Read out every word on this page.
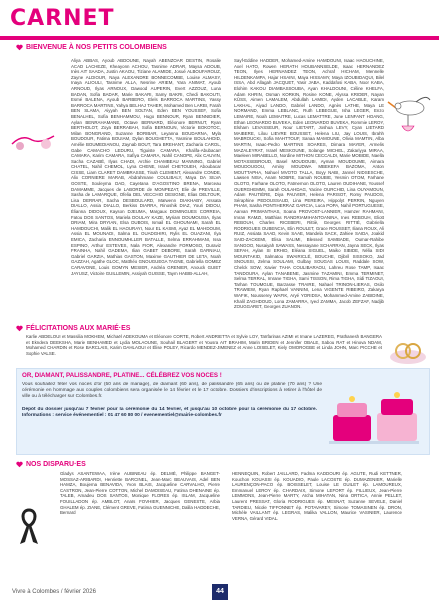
CARNET
BIENVENUE À NOS PETITS COLOMBIENS
Aliya ABBAS, Ayoub ABDOUNE, Nayah ABENZOAR DESTIN, Rosalie ACAD LACHEZE, Kheayonn ACHOU, Tasnime ADRAR, Maysa ADOUB, Inès AIT SAADA, Justin AKAOU, Tiziane ALAMIDE, Josué ALBOUFAROUZ, Zayne ALDIOUR, Naya ALEXANDRE BONNECOMBE, Louise ALMASY, Inaya ALIOULI, Tasnime ALLA, Nesrine ARIEM, Yara ANIMAT, Ayoub ARNOUD, Ilyas ARNOUX, Dawood AUPERIN, Evert AZZOUZ, Luna BADAN, Sofia BADAR, Marie BAKARI, Samy BAKRI, Chedi BAKOUTI, Esmé BALENA, Ayoub BARBERO, Elels BARROCA MARTINS, Yassy BARROCA MARTINS, Yahya BELHAJ TAHER, Mohamed Ben LARBI, Farah BEN SLAMA, Aiyyah BEN SOLTAN, Eden BEN YOUSSEF, Sofia BENALHEL, Sofia BENHAMMOU, Hugo BENNOUR, Ryan BENNIDIER, Aylan BENRAHAMANE, Octave BERNARD, Eléonore BERNUT, Ryan BERTHOLOT, Zoya BERRABAH, Sofia BERNOUN, Victorie BOKOTOC, Milan BONGRAND, Suzanne BORIBAR, Leyanna BOUDARNA, Myla BOUDOUR, Fatima BOUIAM, Dylan BOUGHETTA, Yasmine BOULAHDID, Amélie BOUMEDIANOU, Zaynab BOUT, Tara BREHANT, Zacharia CAROL, Gabe CAMACHO LEDURU, Tiguiste CAMARA, Khalifa-Abubacarr CAMARA, Karim CAMARA, Safiya CAMARA, Nahil CANOPE, Alix CAUVIN, Sacha CAZABÉ, Ilyas CHADI, Archie CHAMBEAU MANNING, Gabriel CHATEL, Nahil CHEMOL, Lyna CHENE, Israël CHETOUEH, Aboubacar CISSE, Liam CLARET DAMBRASSE, Tinah CLEMENT, Alexandre CONDE, Alix CORNIERE MARAB, Abdrahmane COULIBALY, Maya DA SILVA GOSTE, Souleyma DAD, Cayetana D'AGOSTINO BRENA, Marceau DAMAMME, Jacques de LABORDE de MONPEZAT, Elie de PREVILLE, Sasha de LAMARQUE, Ofelia DEL VECCHIO DESIGNE, Elias DELTOUR, Lisa DERRAR, Sacha DESBOULARD, Maïwenn DIAKHABY, Aïssata DIALLO, Assia DIALLO, Berkiss DIARRA, Rinoshik DIAZ, Youri DIDOU, Élianna DIDOUX, Kayson DJEUMA, Margaux DOMINGUES CORREIA, Fatou DOS SANTOS, Mariela DOULAY KAZE, Myriam DOUMOUSIA, Ilyas DRIAM, Mira DRYIAN, Elsa DUBOIS, Ismail EL GHOUNAMI, Sarah EL HAMDOUCHI, Malik EL HAOURAYI, Nour EL KASMI, Ayaz EL MAHDOUM, Assia EL MOUNADI, Salma EL OUADGHIRI, Rylis EL OUAZANI, Ilya EMICA, Zacharia ENNOUMHLLER BATALLE, Selma ERRAHMANI, Issa ESPINO, Arthur ESTEVES, Nala FIOR, Alexandre FORMOSO, Duraviz FRAINHA, Nahil GADEMA, Ilian GABET DEBORE, Sarah GARNIAU, Gabriel GARZIA, Mathias GASTON, Maxime GAUTHIER DE LETA, Noah GAZZAH, Agathe GLOC, Matthéo GNOUGUEGA TAGNE, Gabriella GOMEZ CARAVONE, Louis GOMYN MESIER, Andréa GRENIER, Anouck GUIET JAYUSZ, Victoire GUILLEMIN, Assiyah GUISSE, Taym HABIB-ALLAH,
Sayf-Eddine HADDER, Mohamed-Amine HAMDOUNI, Isaac HAOUCHINE, Axel HATO, Rowen HERATH HOUBANNSELDE, Isaac HERNANDEZ TEON, Ilyes HERNANDEZ TEON, Achraf HICHAM, Mennelle HILDENKAMPA, Hajar HSAINI, Maya HISSAMY, Maya IZOUBIDAQUI, Bilel ISSA, Abd Allagah JACQUET, Yasir JABA, Kaddafosi KABA, Noor KABA, Elohim KAKOU DIAMBASSOUBA, Ayan KHALDOUNI, Céline KHELFA, Adam KHRIN, Osman KORKIN, Rosine KONE, Alyssa KRIDER, Nayan KÜSS, Aimen LAMALEM, Abdullah LAMIDI, Ayden LACABLE, Karam LAKHAL, Aiyad LANDO, Gabriel LANDO, Agnès LATHE, Maya LE NORMAND, Emma LEBLANC, Ruth LEBEGUE, Isha LEGER, Enzo LEMAIRE, Noah LEMAITRE, Lucas LEMATTRE, June LENFANT HOANG, Ethan LEONARDO BUVEKA, Eden LEONARDO BUVEKA, Rommie LEROY, Elsham LEVASSEUR, Nour LIETART, Joshua LEVY, Cyan LIETARD MAIBERE, Lilou LIEVRE BOUSSET, Helena LIU, Jay LOUIS, Ibrahh MABROUCKI, Sofia MAHTTOUF, Sanaa MAMOUNE, Olivia MAMTIN, Alba MARTIN, Isaac-Pedro MARTINS SOARES, Dimara MAYER, Armelis MAZALEYRAT, Israël MESKOUNE, Solange MICHEL, Zakariyya MIRAA, Maeleen MIRABELLO, Nordine MITHON CECCALDI, Marie MOBIDE, Naella MOTASSEBROUD, Basel MOUDOUBI, Ayman MOUDOUME, Aimara MOUDOUGOU, Aminy MOUDWA MBEKEFA BAZOMA, Anton MOUTTAPHA, Nahuel MVOTO TALLA, Boyy NABI, Jannel NIDSESCHE, Lawsen NISA, Anam NOBRE, Samah NOUBIE, Yesmin OTOM, Farhane OLOTO, Farhane OLOTO, Fatmemon OLOTO, Lauren OUDIHANE, Youssef OUERGHEMMI, Sarah OULAHDAG, Yacine OURCHID, Lina OUYAMOUN, Adam PAUTIÈRE, Diya PAUVIER, Helena PARISOT, Romy PAUDOS, Séraphine PEDOUSSAUD, Lina PEREIRA, Hippolyt PERRIN, Nguyen PHAM, Sasha PONTIHERRAZ GARCIA, Luca POPA, Nahil PORTUGUESE, Aarvan PRIMANTHAS, Soana PROVOST-LANNIER, Hamzer RAHMANI, Imran RAMZI, Matthias RANDRIAMIHANTOANINA, Ines REBOUH, Eliott REBOUH, Charles RICEBERI, Rittiè, Georges RITTIÉ, Gabriella RODRIGUES OUBENCIA, Elin ROULET, Grace ROUSSET, Iliana ROUX, Ali RUIZ, Assiata SAAD, Kevin SAAE, Mandela SACK, Zahiee SAIDA, Joakid SAID-ZACKEMI, Elisa SALIMI, Blessed SAMBADE, Oumar-Rahibe SANGOO, Nusaiyah SAWASS, Nessayane SCHARRAN, Jayna SECK, Ilyas SEFAH, Aylan SI ERHID, Eléana SIGUEL, Maiko SIBIDE, Nélia SIDI MOUNTAKID, Salmatou SWAIRICLÉ, BOUCHE, Djibril SISSOKO, Jad SNOUSSI, Zelma SOULAMI, Gulbay SOUGAS LOUIS, Raddale SOW, Chelck SOW, Xavier TAHA COULIBARAOU, Lahreu Rose TAMP, Isaac TANDOURA, Aylan TANABENE, Jasmine TAZAMINI, Emma TERMINET, Selma TERRAL, Imrane TIGHA, Sami TISSON, Rima TIGHA, Sidi TIZAOUI, Tarhan TOUMGUE, Barzasse TRAIRE, Nahael TRINON-LIERAS, Osilo TRAWIEW, Ryan Raphaël VANNINI, Lena VIGENTE RIBEIRO, Zakarya WAFIK, Nousserey WAFIK, Aryé YORIDSA, Mohammed-Amine ZABIDINE, Khalil ZAGHDOUD, Lona ZAMARRA, Iyed ZAMMA, Jacob ZEFZAF, Nadjib ZOUGGARET, Georges ZUANON.
FÉLICITATIONS AUX MARIÉ·ES
Karlie ABDELOUI et Massilia MOKHEM, Michaël ADEKOUMA et Eléonore CORTE, Robert ANDRIETTA et Sylvie LOY, Taïrfarinas AZIMI et Imane LAZEREG, Prathanesh BANGERA et Ekndera DEEKSHA, Marie BENHAMED et Lydia MOLAOUNE, Souhail BLAGERT et Yousra AIT BRAHIM, Marin BRIDEN et Jennifer OBALE, Sabou RAT et Hinova NDAM, Mohamed CHARDIN et Rose BARCLAIS, Karim DAHLAOUI et Élise POLEY, Ricardo MENDEZ-JIMENEZ et Anne LOISELET, Kiely OMOROGBE et Linda JOHN, Marc PICCHE et Sophie VALSE.
OR, DIAMANT, PALISSANDRE, PLATINE... CÉLÉBREZ VOS NOCES !
Vous souhaitez fêter vos noces d'or (50 ans de mariage), de diamant (60 ans), de palissandre (65 ans) ou de platine (70 ans) ? Une cérémonie en hommage aux couples colombiens sera organisée le 14 février et le 17 octobre. Dossiers d'inscriptions à retirer à l'hôtel de ville ou à télécharger sur Colombes.fr.
Dépôt du dossier jusqu'au 7 février pour la cérémonie du 14 février, et jusqu'au 10 octobre pour la cérémonie du 17 octobre. Informations : service événementiel : 01 47 60 80 00 / evenementiel@mairie-colombes.fr
NOS DISPARU·ES
Gladys ASANTEWAA, Irène AUBINEAU ép. DELMÉ, Philippe BANGET-MOSSAZ-ARIBARDI, Henriette BARCINEL, Jean-Marc BEAUVAIS, Adel BEN HAMZA, Boujema BENAVIDA, Yvon BLAIS, Jacqueline CARVALHO, Pierre CASTRON, Jean-Pierre COTTON, Michel DAMOISEAU, Fatima DHENAINE ép. TALEB, Amadeu DOS SANTOS, Monique FLORES ép. ISLAM, Jacqueline FOUILLADON ép. AMBLOT, Anaïs FOVHIER, Jacques GENESTE, Arbia GHALEM ép. ZIANE, Clément GREVE, Fatima GUENNICHE, Dalila HADDECHE, Bernard
HENNEQUIN, Robert JAILLARD, Fadma KADDOURI ép. AGUTE, Rudi KETTNER, Kouchon KOUASSI ép. KOUADIO, Paule LACOSTE ép. DUMAZENIER, Marielle LAURENÇON-PACO ép. BOISSELET, Louise LE GUILET ép. LAMOUREUX, Emmanuel LEROY ép. CHARDAIX, Simone LEFORT ép. FILLIEUX, Jean-Pierre LEMMONS, Jean-Pierre MARTY, Aïcha MIHATAN, Nina ORTICA, Annie PELLET, Laurent PRESSAT, Gloria RODRIGUES ép. MESNAT, Suzanne SEVELE, Daniel TARDIEU, Nicole TIFFONNET ép. POTAVAREY, Simone TOMASINEN ép. DRON, Michèle VAILLANT ép. LEGRAS, Malika VALLON, Maurice VASINIER, Laurence VERNA, Gérard VIDAL.
Vivre à Colombes / février 2026	44
